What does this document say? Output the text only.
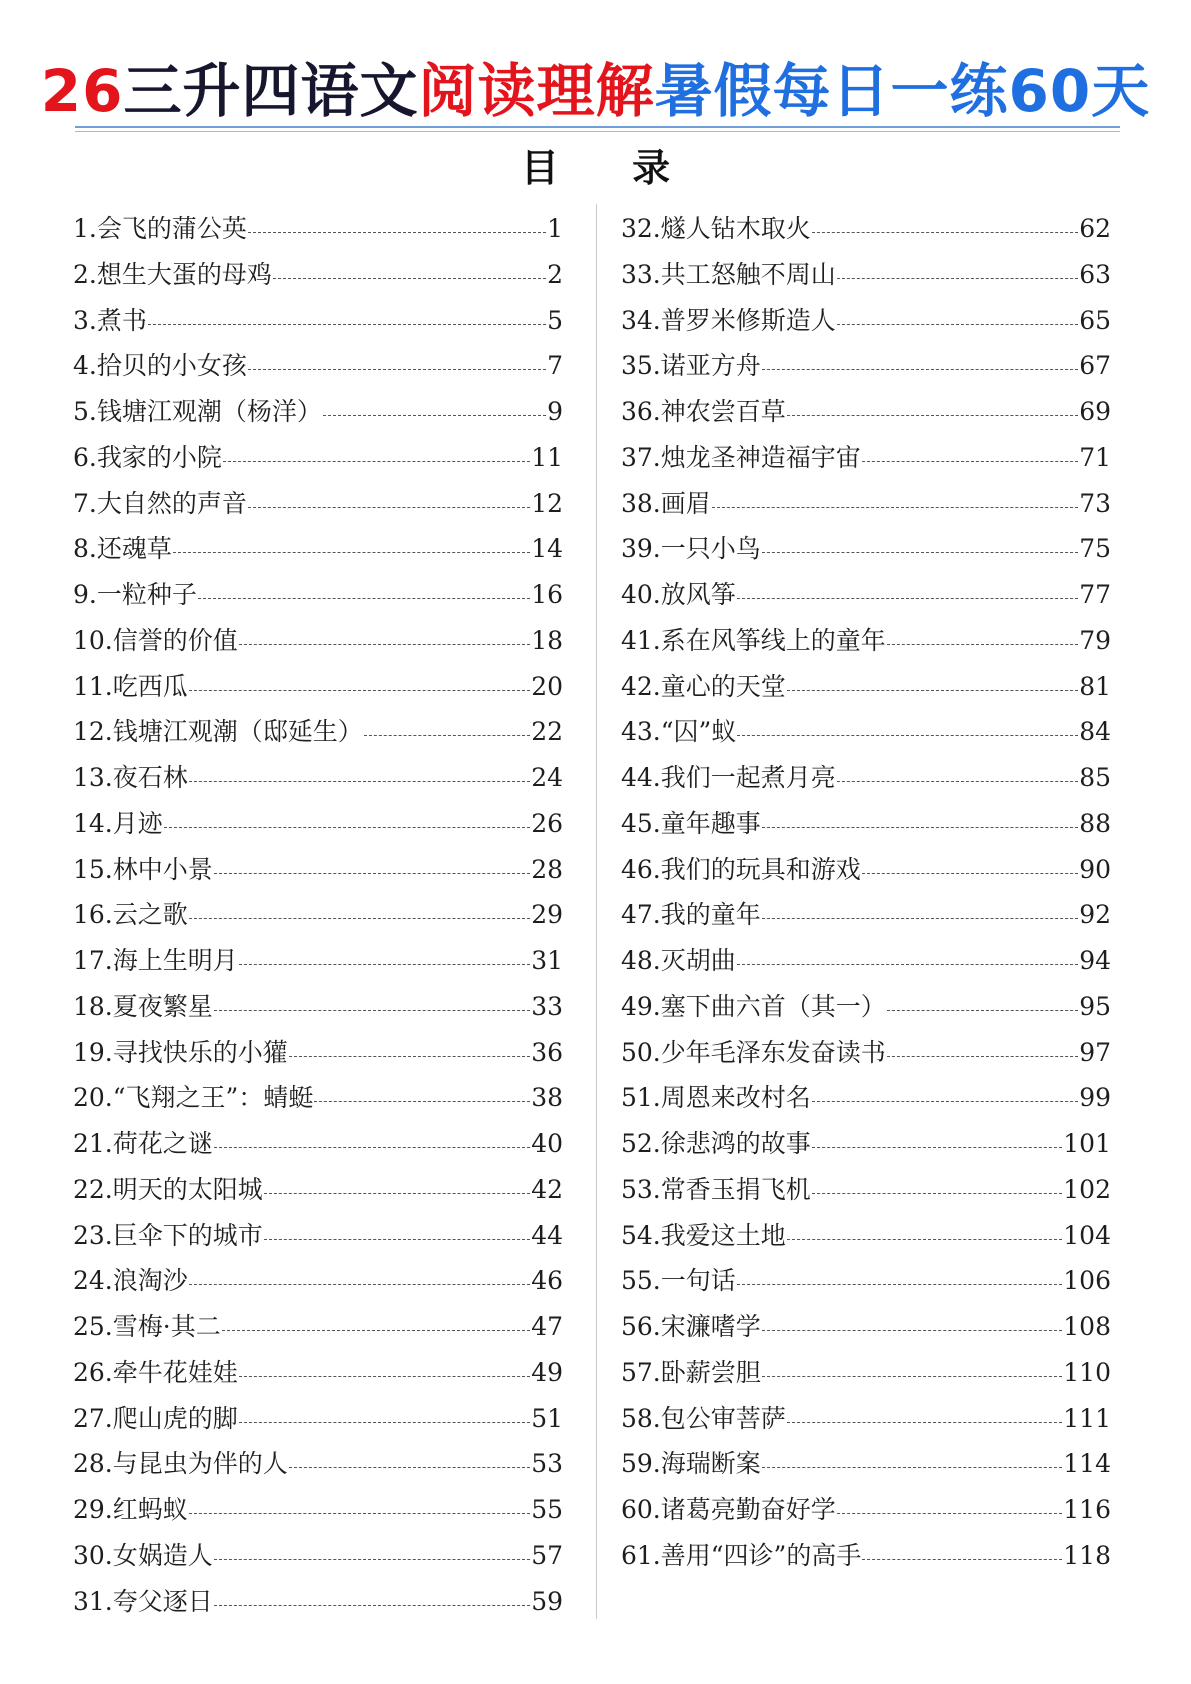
26三升四语文阅读理解暑假每日一练60天
目 录
1. 会飞的蒲公英	1
2. 想生大蛋的母鸡	2
3. 煮书	5
4. 拾贝的小女孩	7
5. 钱塘江观潮（杨洋）	9
6. 我家的小院	11
7. 大自然的声音	12
8. 还魂草	14
9. 一粒种子	16
10. 信誉的价值	18
11. 吃西瓜	20
12. 钱塘江观潮（邸延生）	22
13. 夜石林	24
14. 月迹	26
15. 林中小景	28
16. 云之歌	29
17. 海上生明月	31
18. 夏夜繁星	33
19. 寻找快乐的小獾	36
20. “飞翔之王”：蜻蜓	38
21. 荷花之谜	40
22. 明天的太阳城	42
23. 巨伞下的城市	44
24. 浪淘沙	46
25. 雪梅·其二	47
26. 牵牛花娃娃	49
27. 爬山虎的脚	51
28. 与昆虫为伴的人	53
29. 红蚂蚁	55
30. 女娲造人	57
31. 夸父逐日	59
32. 燧人钻木取火	62
33. 共工怒触不周山	63
34. 普罗米修斯造人	65
35. 诺亚方舟	67
36. 神农尝百草	69
37. 烛龙圣神造福宇宙	71
38. 画眉	73
39. 一只小鸟	75
40. 放风筝	77
41. 系在风筝线上的童年	79
42. 童心的天堂	81
43. “囚”蚁	84
44. 我们一起煮月亮	85
45. 童年趣事	88
46. 我们的玩具和游戏	90
47. 我的童年	92
48. 灭胡曲	94
49. 塞下曲六首（其一）	95
50. 少年毛泽东发奋读书	97
51. 周恩来改村名	99
52. 徐悲鸿的故事	101
53. 常香玉捐飞机	102
54. 我爱这土地	104
55. 一句话	106
56. 宋濂嗜学	108
57. 卧薪尝胆	110
58. 包公审菩萨	111
59. 海瑞断案	114
60. 诸葛亮勤奋好学	116
61. 善用“四诊”的高手	118
